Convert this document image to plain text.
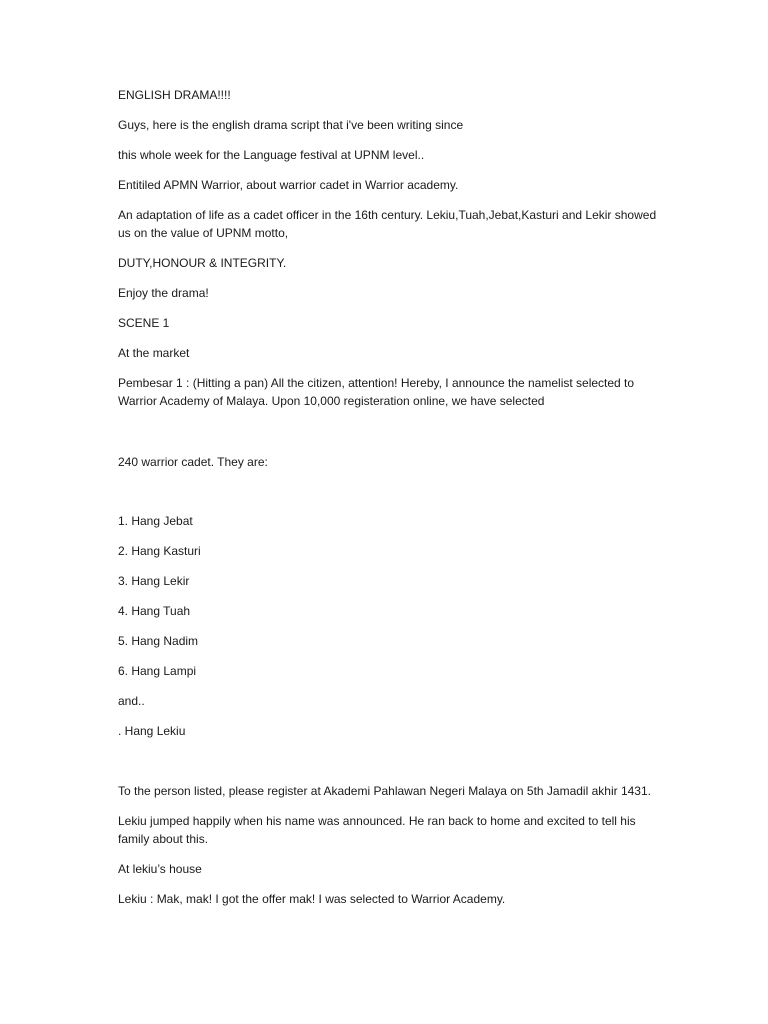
ENGLISH DRAMA!!!!
Guys, here is the english drama script that i've been writing since
this whole week for the Language festival at UPNM level..
Entitiled APMN Warrior, about warrior cadet in Warrior academy.
An adaptation of life as a cadet officer in the 16th century. Lekiu,Tuah,Jebat,Kasturi and Lekir showed us on the value of UPNM motto,
DUTY,HONOUR & INTEGRITY.
Enjoy the drama!
SCENE 1
At the market
Pembesar 1 : (Hitting a pan) All the citizen, attention! Hereby, I announce the namelist selected to Warrior Academy of Malaya. Upon 10,000 registeration online, we have selected
240 warrior cadet. They are:
1. Hang Jebat
2. Hang Kasturi
3. Hang Lekir
4. Hang Tuah
5. Hang Nadim
6. Hang Lampi
and..
. Hang Lekiu
To the person listed, please register at Akademi Pahlawan Negeri Malaya on 5th Jamadil akhir 1431.
Lekiu jumped happily when his name was announced. He ran back to home and excited to tell his family about this.
At lekiu’s house
Lekiu : Mak, mak! I got the offer mak! I was selected to Warrior Academy.
